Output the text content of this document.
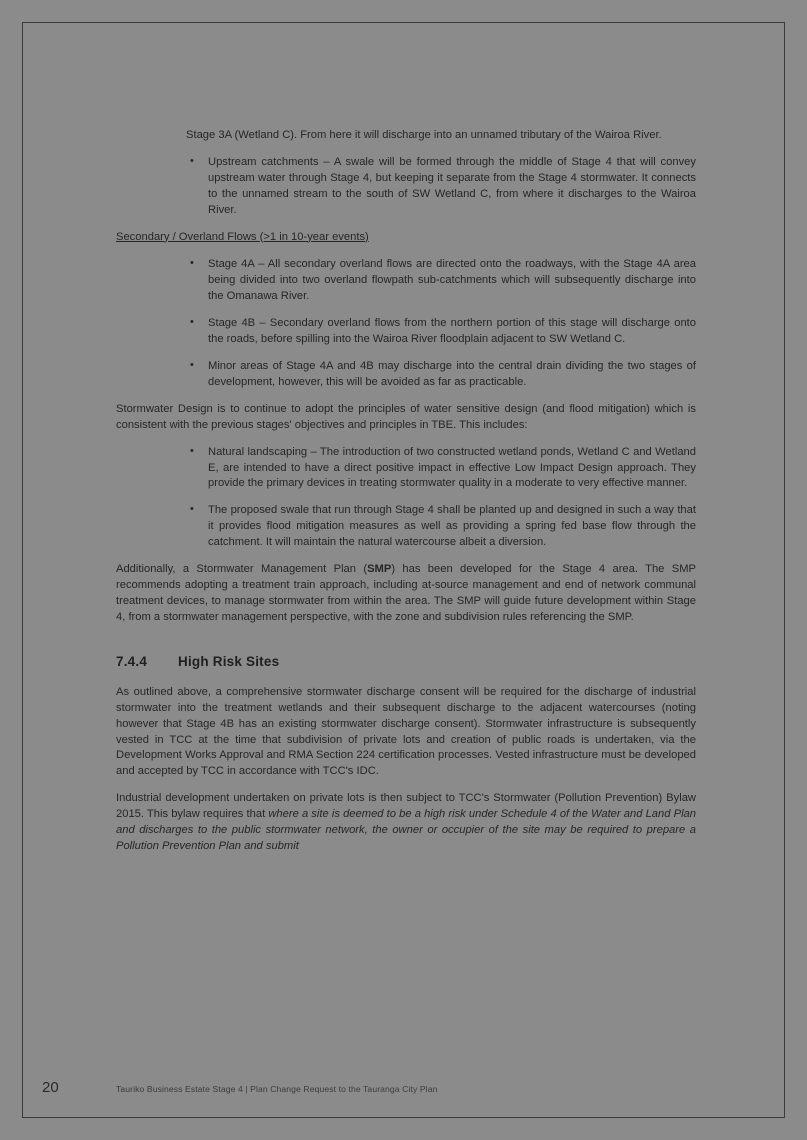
Stage 3A (Wetland C). From here it will discharge into an unnamed tributary of the Wairoa River.

• Upstream catchments – A swale will be formed through the middle of Stage 4 that will convey upstream water through Stage 4, but keeping it separate from the Stage 4 stormwater. It connects to the unnamed stream to the south of SW Wetland C, from where it discharges to the Wairoa River.

Secondary / Overland Flows (>1 in 10-year events)

• Stage 4A – All secondary overland flows are directed onto the roadways, with the Stage 4A area being divided into two overland flowpath sub-catchments which will subsequently discharge into the Omanawa River.
• Stage 4B – Secondary overland flows from the northern portion of this stage will discharge onto the roads, before spilling into the Wairoa River floodplain adjacent to SW Wetland C.
• Minor areas of Stage 4A and 4B may discharge into the central drain dividing the two stages of development, however, this will be avoided as far as practicable.

Stormwater Design is to continue to adopt the principles of water sensitive design (and flood mitigation) which is consistent with the previous stages' objectives and principles in TBE. This includes:

• Natural landscaping – The introduction of two constructed wetland ponds, Wetland C and Wetland E, are intended to have a direct positive impact in effective Low Impact Design approach. They provide the primary devices in treating stormwater quality in a moderate to very effective manner.
• The proposed swale that run through Stage 4 shall be planted up and designed in such a way that it provides flood mitigation measures as well as providing a spring fed base flow through the catchment. It will maintain the natural watercourse albeit a diversion.

Additionally, a Stormwater Management Plan (SMP) has been developed for the Stage 4 area. The SMP recommends adopting a treatment train approach, including at-source management and end of network communal treatment devices, to manage stormwater from within the area. The SMP will guide future development within Stage 4, from a stormwater management perspective, with the zone and subdivision rules referencing the SMP.

7.4.4 High Risk Sites

As outlined above, a comprehensive stormwater discharge consent will be required for the discharge of industrial stormwater into the treatment wetlands and their subsequent discharge to the adjacent watercourses (noting however that Stage 4B has an existing stormwater discharge consent). Stormwater infrastructure is subsequently vested in TCC at the time that subdivision of private lots and creation of public roads is undertaken, via the Development Works Approval and RMA Section 224 certification processes. Vested infrastructure must be developed and accepted by TCC in accordance with TCC's IDC.

Industrial development undertaken on private lots is then subject to TCC's Stormwater (Pollution Prevention) Bylaw 2015. This bylaw requires that where a site is deemed to be a high risk under Schedule 4 of the Water and Land Plan and discharges to the public stormwater network, the owner or occupier of the site may be required to prepare a Pollution Prevention Plan and submit

20	Tauriko Business Estate Stage 4 | Plan Change Request to the Tauranga City Plan
